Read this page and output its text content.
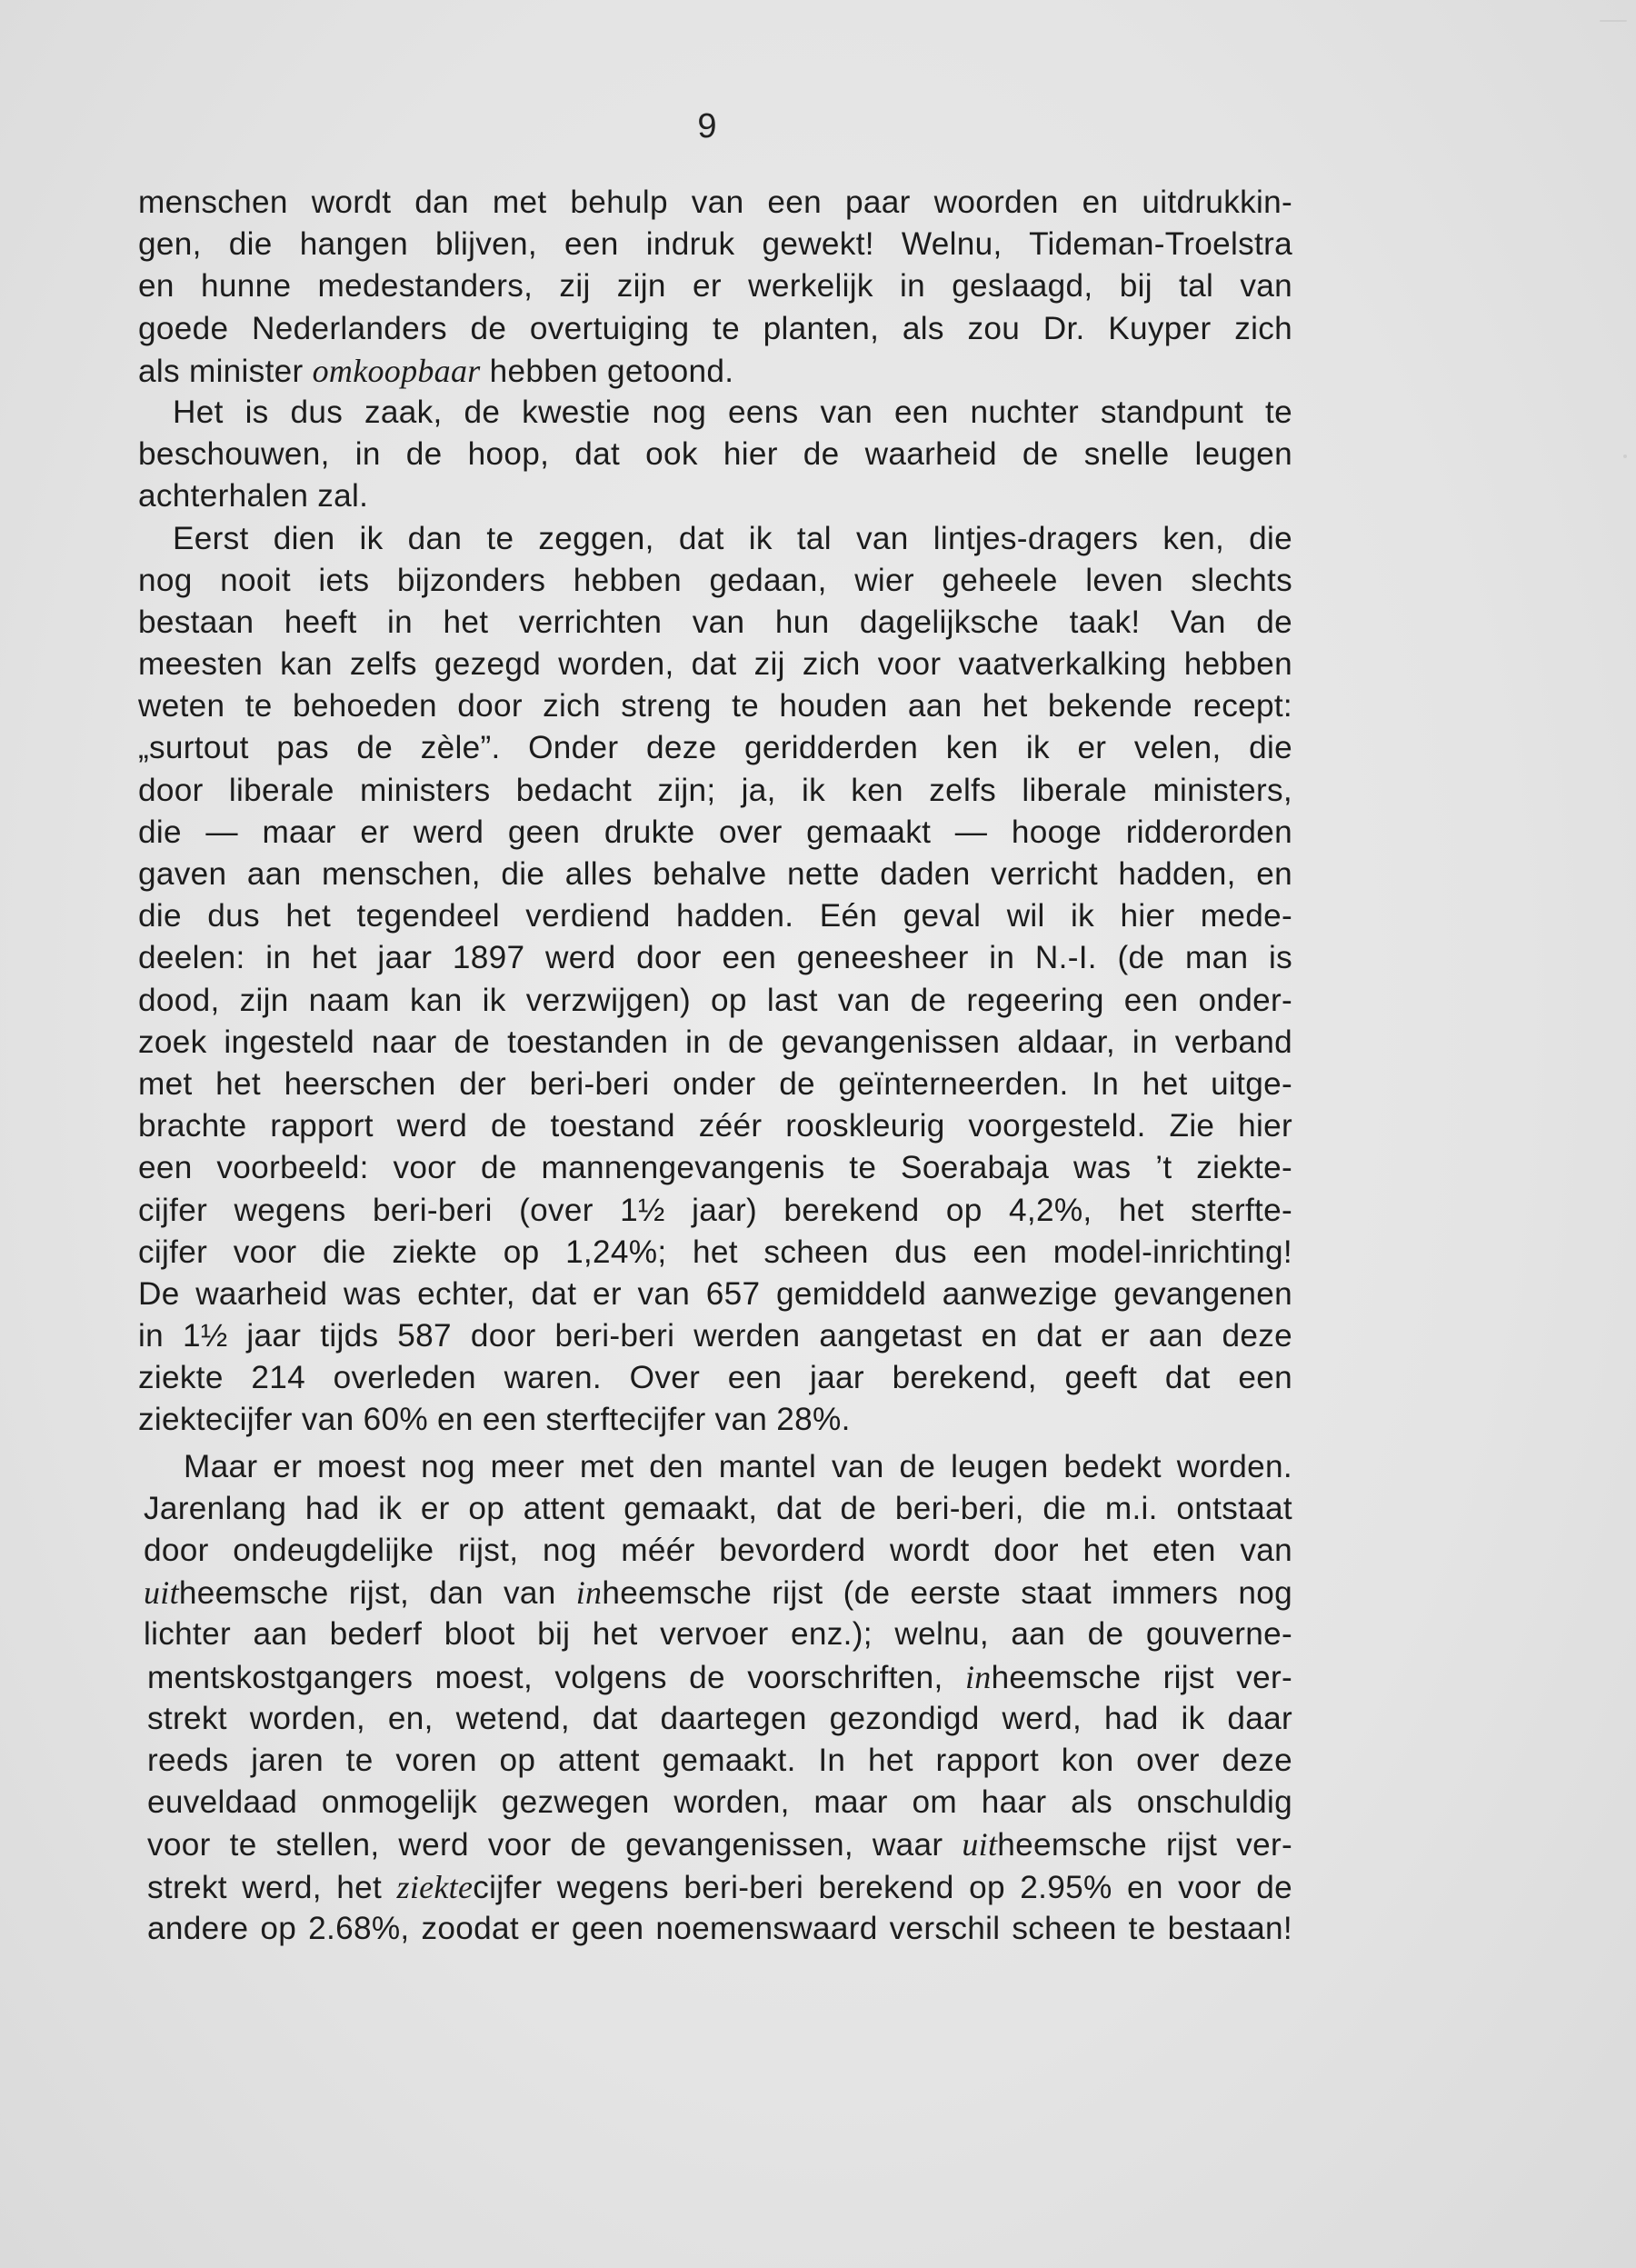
9
menschen wordt dan met behulp van een paar woorden en uitdrukkin-
gen, die hangen blijven, een indruk gewekt! Welnu, Tideman-Troelstra
en hunne medestanders, zij zijn er werkelijk in geslaagd, bij tal van
goede Nederlanders de overtuiging te planten, als zou Dr. Kuyper zich
als minister omkoopbaar hebben getoond.
Het is dus zaak, de kwestie nog eens van een nuchter standpunt te
beschouwen, in de hoop, dat ook hier de waarheid de snelle leugen
achterhalen zal.
Eerst dien ik dan te zeggen, dat ik tal van lintjes-dragers ken, die
nog nooit iets bijzonders hebben gedaan, wier geheele leven slechts
bestaan heeft in het verrichten van hun dagelijksche taak! Van de
meesten kan zelfs gezegd worden, dat zij zich voor vaatverkalking hebben
weten te behoeden door zich streng te houden aan het bekende recept:
„surtout pas de zèle”. Onder deze geridderden ken ik er velen, die
door liberale ministers bedacht zijn; ja, ik ken zelfs liberale ministers,
die — maar er werd geen drukte over gemaakt — hooge ridderorden
gaven aan menschen, die alles behalve nette daden verricht hadden, en
die dus het tegendeel verdiend hadden. Eén geval wil ik hier mede-
deelen: in het jaar 1897 werd door een geneesheer in N.-I. (de man is
dood, zijn naam kan ik verzwijgen) op last van de regeering een onder-
zoek ingesteld naar de toestanden in de gevangenissen aldaar, in verband
met het heerschen der beri-beri onder de geïnterneerden. In het uitge-
brachte rapport werd de toestand zéér rooskleurig voorgesteld. Zie hier
een voorbeeld: voor de mannengevangenis te Soerabaja was ’t ziekte-
cijfer wegens beri-beri (over 1½ jaar) berekend op 4,2%, het sterfte-
cijfer voor die ziekte op 1,24%; het scheen dus een model-inrichting!
De waarheid was echter, dat er van 657 gemiddeld aanwezige gevangenen
in 1½ jaar tijds 587 door beri-beri werden aangetast en dat er aan deze
ziekte 214 overleden waren. Over een jaar berekend, geeft dat een
ziektecijfer van 60% en een sterftecijfer van 28%.
Maar er moest nog meer met den mantel van de leugen bedekt worden.
Jarenlang had ik er op attent gemaakt, dat de beri-beri, die m.i. ontstaat
door ondeugdelijke rijst, nog méér bevorderd wordt door het eten van
uitheemsche rijst, dan van inheemsche rijst (de eerste staat immers nog
lichter aan bederf bloot bij het vervoer enz.); welnu, aan de gouverne-
mentskostgangers moest, volgens de voorschriften, inheemsche rijst ver-
strekt worden, en, wetend, dat daartegen gezondigd werd, had ik daar
reeds jaren te voren op attent gemaakt. In het rapport kon over deze
euveldaad onmogelijk gezwegen worden, maar om haar als onschuldig
voor te stellen, werd voor de gevangenissen, waar uitheemsche rijst ver-
strekt werd, het ziektecijfer wegens beri-beri berekend op 2.95% en voor de
andere op 2.68%, zoodat er geen noemenswaard verschil scheen te bestaan!
